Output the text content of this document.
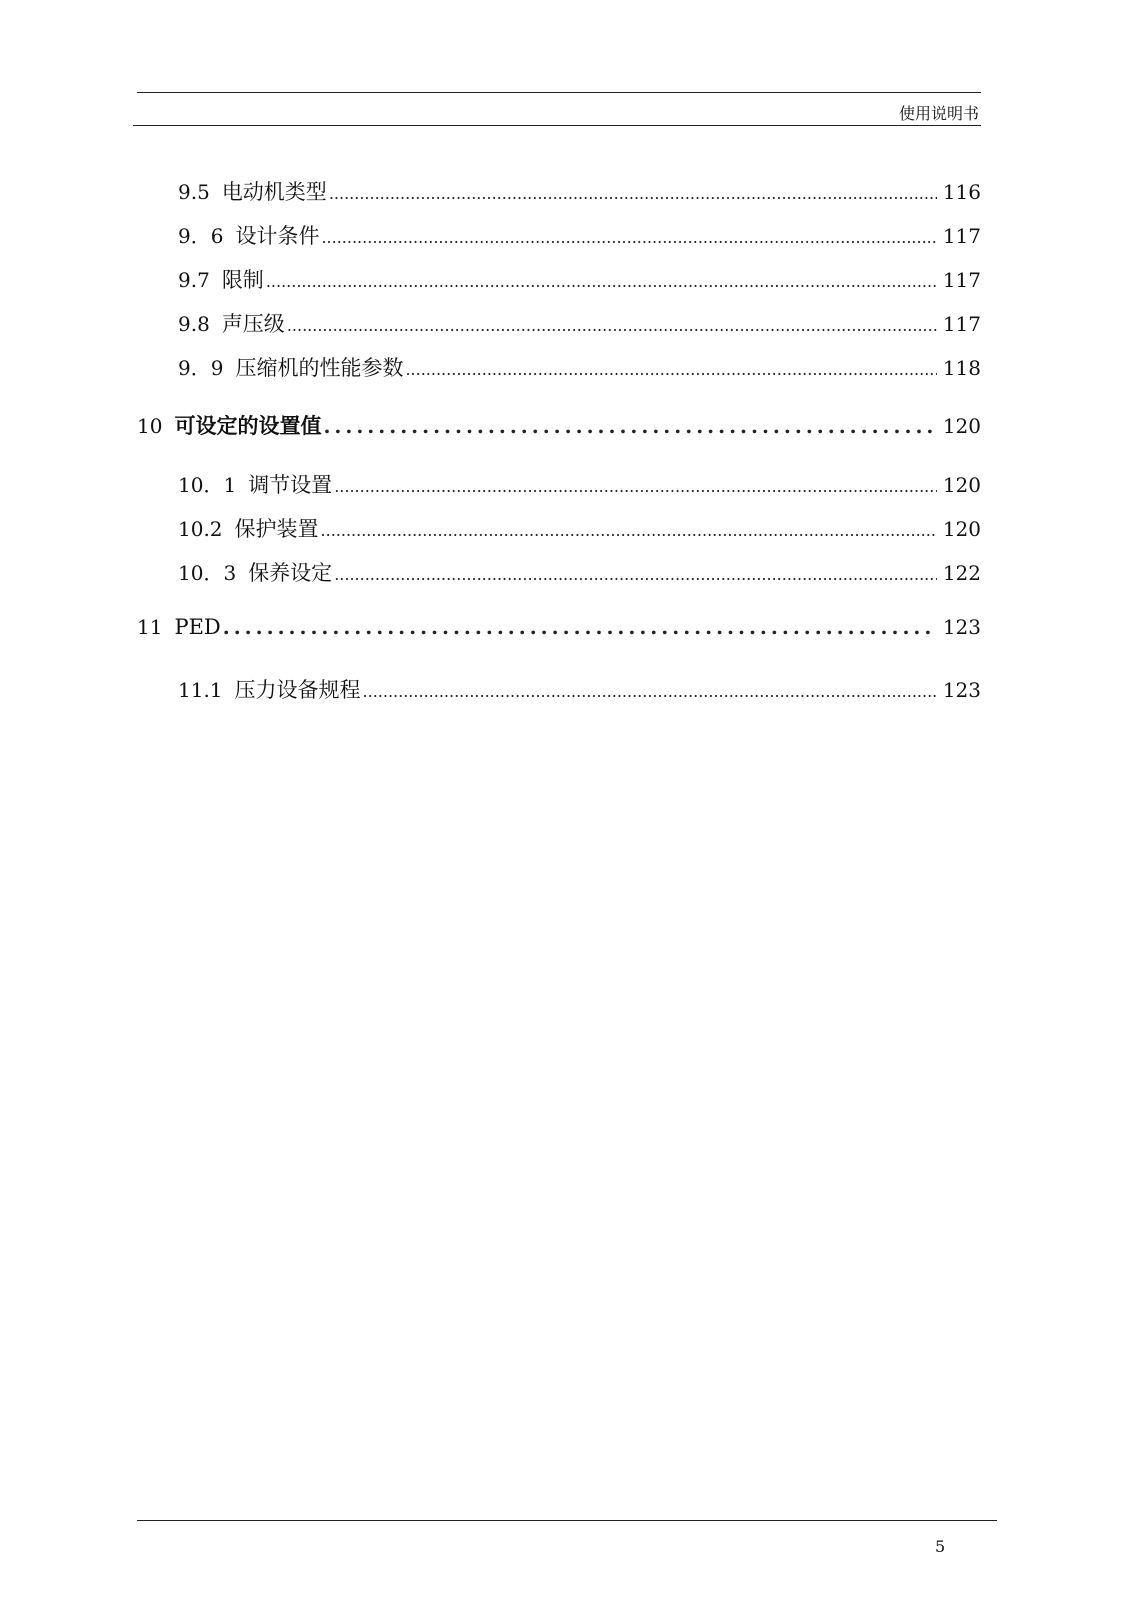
使用说明书
9.5 电动机类型 .....	116
9．6 设计条件 .....	117
9.7 限制 .....	117
9.8 声压级 .....	117
9．9 压缩机的性能参数 .....	118
10 可设定的设置值 .....	120
10．1 调节设置 .....	120
10.2 保护装置 .....	120
10．3 保养设定 .....	122
11 PED .....	123
11.1 压力设备规程 .....	123
5
